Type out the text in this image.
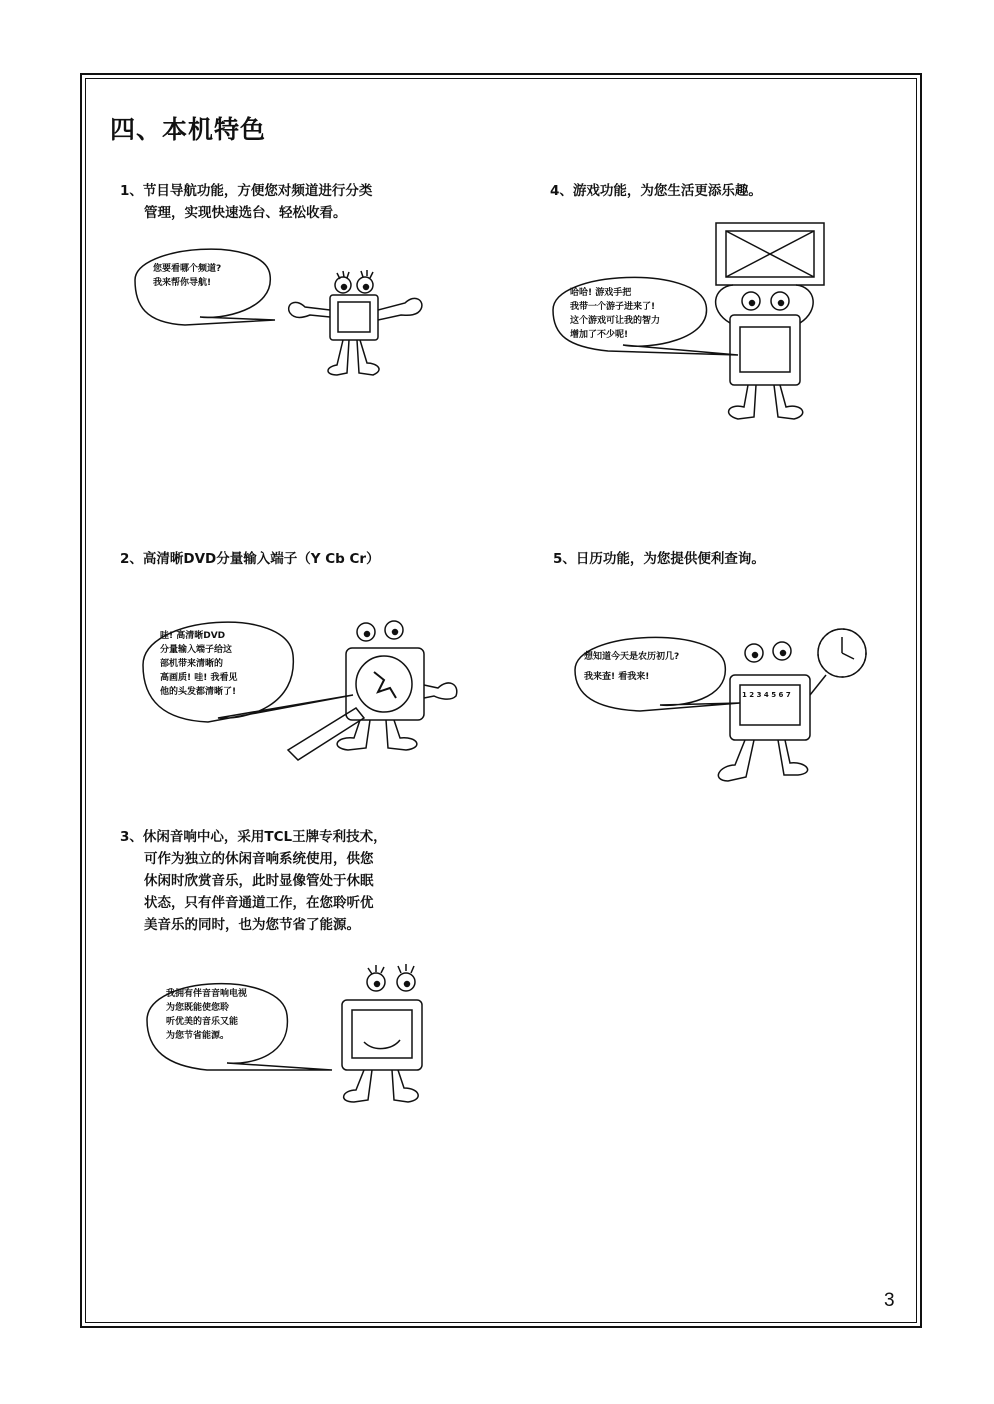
四、本机特色
1、节目导航功能，方便您对频道进行分类
管理，实现快速选台、轻松收看。
2、高清晰DVD分量输入端子（Y Cb Cr）
3、休闲音响中心，采用TCL王牌专利技术，
可作为独立的休闲音响系统使用，供您
休闲时欣赏音乐，此时显像管处于休眠
状态，只有伴音通道工作，在您聆听优
美音乐的同时，也为您节省了能源。
4、游戏功能，为您生活更添乐趣。
5、日历功能，为您提供便利查询。
您要看哪个频道?
我来帮你导航!
哈哈! 游戏手把
我带一个游子进来了!
这个游戏可让我的智力
增加了不少呢!
哇! 高清晰DVD
分量输入端子给这
部机带来清晰的
高画质! 哇! 我看见
他的头发都清晰了!
想知道今天是农历初几?
我来查! 看我来!
1 2 3 4 5 6 7
我拥有伴音音响电视
为您既能使您聆
听优美的音乐又能
为您节省能源。
3
